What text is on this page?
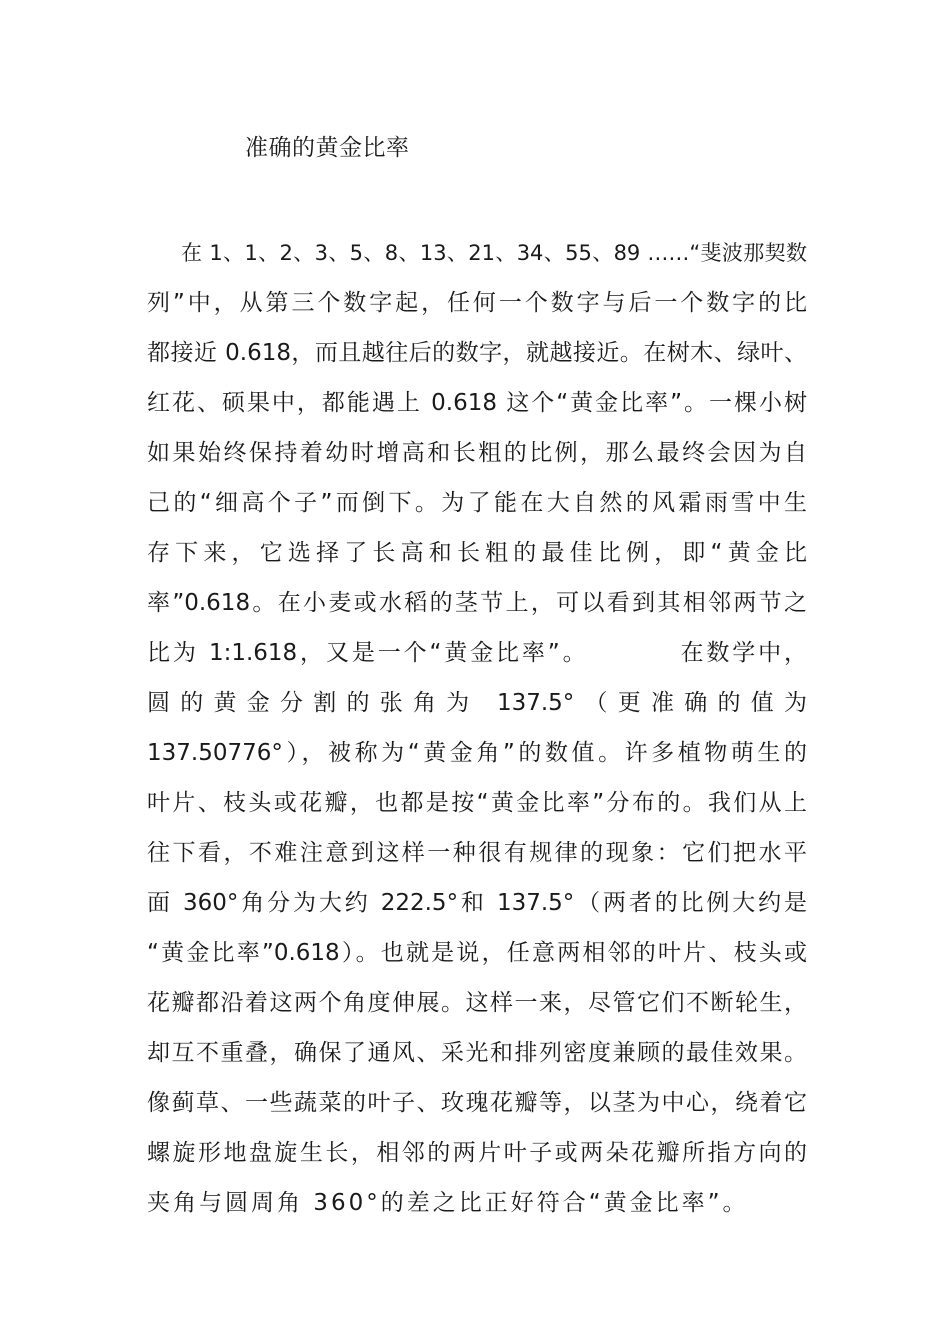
准确的黄金比率
在 1、1、2、3、5、8、13、21、34、55、89 ……“斐波那契数
列”中，从第三个数字起，任何一个数字与后一个数字的比
都接近 0.618，而且越往后的数字，就越接近。在树木、绿叶、
红花、硕果中，都能遇上 0.618 这个“黄金比率”。一棵小树
如果始终保持着幼时增高和长粗的比例，那么最终会因为自
己的“细高个子”而倒下。为了能在大自然的风霜雨雪中生
存下来，它选择了长高和长粗的最佳比例，即“黄金比
率”0.618。在小麦或水稻的茎节上，可以看到其相邻两节之
比为 1:1.618，又是一个“黄金比率”。　　　　在数学中，
圆的黄金分割的张角为 137.5°（更准确的值为
137.50776°），被称为“黄金角”的数值。许多植物萌生的
叶片、枝头或花瓣，也都是按“黄金比率”分布的。我们从上
往下看，不难注意到这样一种很有规律的现象：它们把水平
面 360°角分为大约 222.5°和 137.5°（两者的比例大约是
“黄金比率”0.618）。也就是说，任意两相邻的叶片、枝头或
花瓣都沿着这两个角度伸展。这样一来，尽管它们不断轮生，
却互不重叠，确保了通风、采光和排列密度兼顾的最佳效果。
像蓟草、一些蔬菜的叶子、玫瑰花瓣等，以茎为中心，绕着它
螺旋形地盘旋生长，相邻的两片叶子或两朵花瓣所指方向的
夹角与圆周角 360°的差之比正好符合“黄金比率”。
